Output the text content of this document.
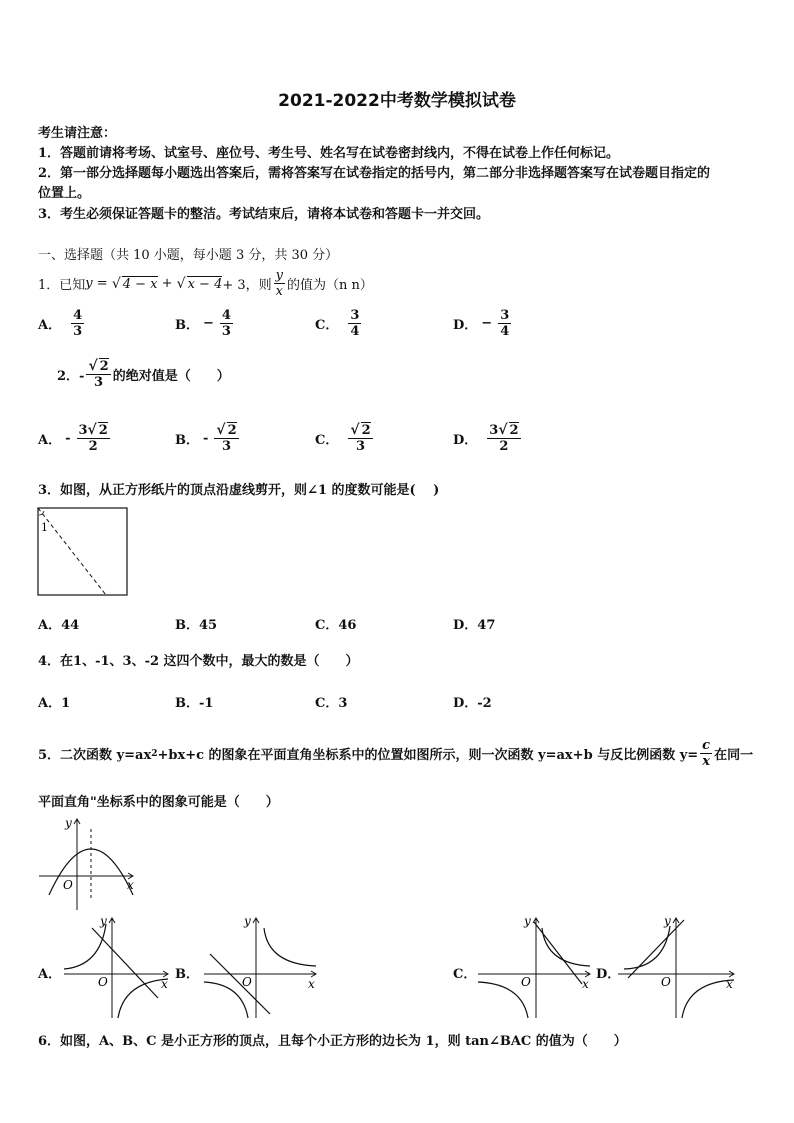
2021-2022中考数学模拟试卷
考生请注意：
1．答题前请将考场、试室号、座位号、考生号、姓名写在试卷密封线内，不得在试卷上作任何标记。
2．第一部分选择题每小题选出答案后，需将答案写在试卷指定的括号内，第二部分非选择题答案写在试卷题目指定的
位置上。
3．考生必须保证答题卡的整洁。考试结束后，请将本试卷和答题卡一并交回。
一、选择题（共 10 小题，每小题 3 分，共 30 分）
1．已知 y = √ 4 − x + √ x − 4 + 3，则 $\frac{y}{x}$ 的值为（n n）
A． $\frac{4}{3}$	B． − $\frac{4}{3}$	C． $\frac{3}{4}$	D． − $\frac{3}{4}$
2．- $\frac{√ 2}{3}$ 的绝对值是（　　）
A． - $\frac{3√ 2}{2}$	B． - $\frac{√ 2}{3}$	C． $\frac{√ 2}{3}$	D． $\frac{3√ 2}{2}$
3．如图，从正方形纸片的顶点沿虚线剪开，则∠1 的度数可能是(　 )
1
A．44	B．45	C．46	D．47
4．在1、-1、3、-2 这四个数中，最大的数是（　　）
A．1	B．-1	C．3	D．-2
5．二次函数 y=ax 2 +bx+c 的图象在平面直角坐标系中的位置如图所示，则一次函数 y=ax+b 与反比例函数 $y= \frac{c}{x}$ 在同一
平面直角"坐标系中的图象可能是（　　）
y
x
O
A．
y
x
O	B．
y
x
O	C．
y
x
O	D．
y
x
O
6．如图，A、B、C 是小正方形的顶点，且每个小正方形的边长为 1，则 tan∠BAC 的值为（　　）
